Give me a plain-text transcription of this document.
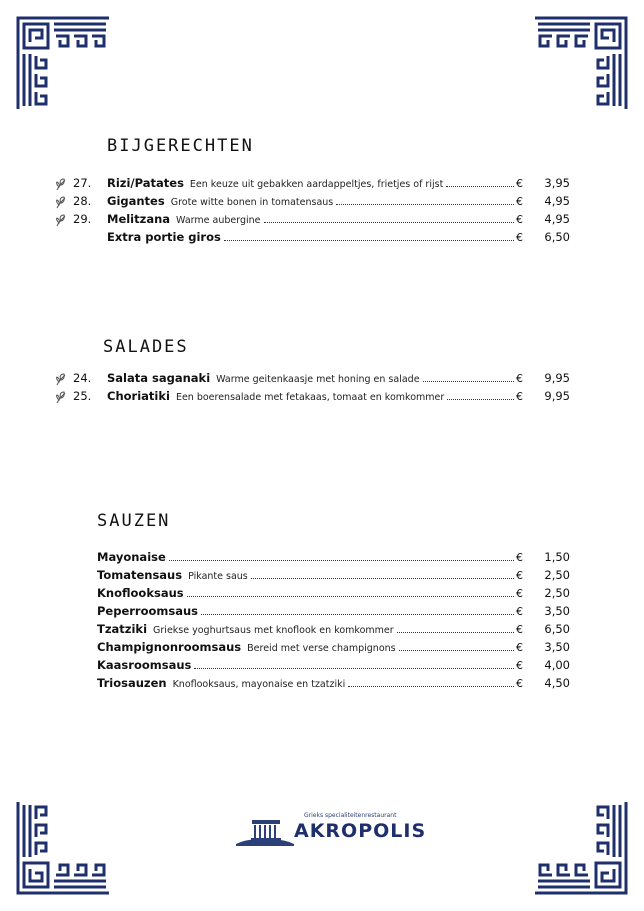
BIJGERECHTEN
SALADES
SAUZEN
27. Rizi/Patates Een keuze uit gebakken aardappeltjes, frietjes of rijst	€	3,95
28. Gigantes Grote witte bonen in tomatensaus	€	4,95
29. Melitzana Warme aubergine	€	4,95
Extra portie giros	€	6,50
24. Salata saganaki Warme geitenkaasje met honing en salade	€	9,95
25. Choriatiki Een boerensalade met fetakaas, tomaat en komkommer	€	9,95
Mayonaise	€	1,50
Tomatensaus Pikante saus	€	2,50
Knoflooksaus	€	2,50
Peperroomsaus	€	3,50
Tzatziki Griekse yoghurtsaus met knoflook en komkommer	€	6,50
Champignonroomsaus Bereid met verse champignons	€	3,50
Kaasroomsaus	€	4,00
Triosauzen Knoflooksaus, mayonaise en tzatziki	€	4,50
Grieks specialiteitenrestaurant
AKROPOLIS
